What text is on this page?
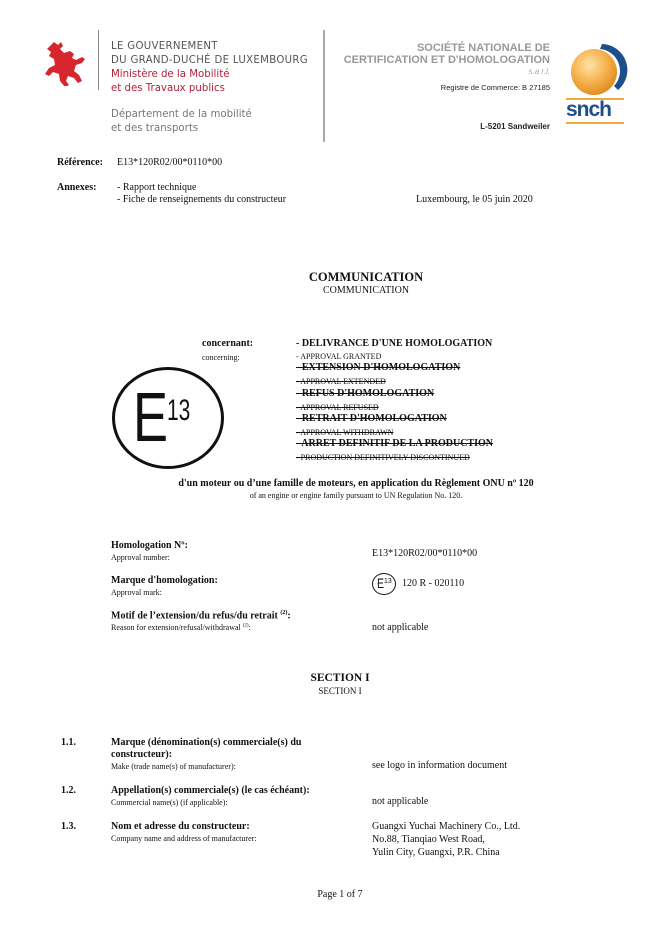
LE GOUVERNEMENT
DU GRAND-DUCHÉ DE LUXEMBOURG
Ministère de la Mobilité
et des Travaux publics
Département de la mobilité
et des transports
SOCIÉTÉ NATIONALE DE
CERTIFICATION ET D'HOMOLOGATION
s.a r.l.
Registre de Commerce: B 27185
L-5201 Sandweiler
snch
Référence: E13*120R02/00*0110*00
Annexes: - Rapport technique
- Fiche de renseignements du constructeur	Luxembourg, le 05 juin 2020
COMMUNICATION
COMMUNICATION
E
13
concernant:
concerning:
- DELIVRANCE D'UNE HOMOLOGATION
- APPROVAL GRANTED
- EXTENSION D'HOMOLOGATION
- APPROVAL EXTENDED
- REFUS D'HOMOLOGATION
- APPROVAL REFUSED
- RETRAIT D'HOMOLOGATION
- APPROVAL WITHDRAWN
- ARRET DEFINITIF DE LA PRODUCTION
- PRODUCTION DEFINITIVELY DISCONTINUED
d'un moteur ou d’une famille de moteurs, en application du Règlement ONU nº 120
of an engine or engine family pursuant to UN Regulation No. 120.
Homologation Nº:
Approval number:	E13*120R02/00*0110*00
Marque d'homologation:
Approval mark:
E 13 120 R - 020110
Motif de l’extension/du refus/du retrait $^{(2)}$:
Reason for extension/refusal/withdrawal $^{(2)}$:	not applicable
SECTION I
SECTION I
1.1.	Marque (dénomination(s) commerciale(s) du
constructeur):
Make (trade name(s) of manufacturer):	see logo in information document
1.2.	Appellation(s) commerciale(s) (le cas échéant):
Commercial name(s) (if applicable):	not applicable
1.3.	Nom et adresse du constructeur:
Company name and address of manufacturer:
Guangxi Yuchai Machinery Co., Ltd.
No.88, Tianqiao West Road,
Yulin City, Guangxi, P.R. China
Page 1 of 7
